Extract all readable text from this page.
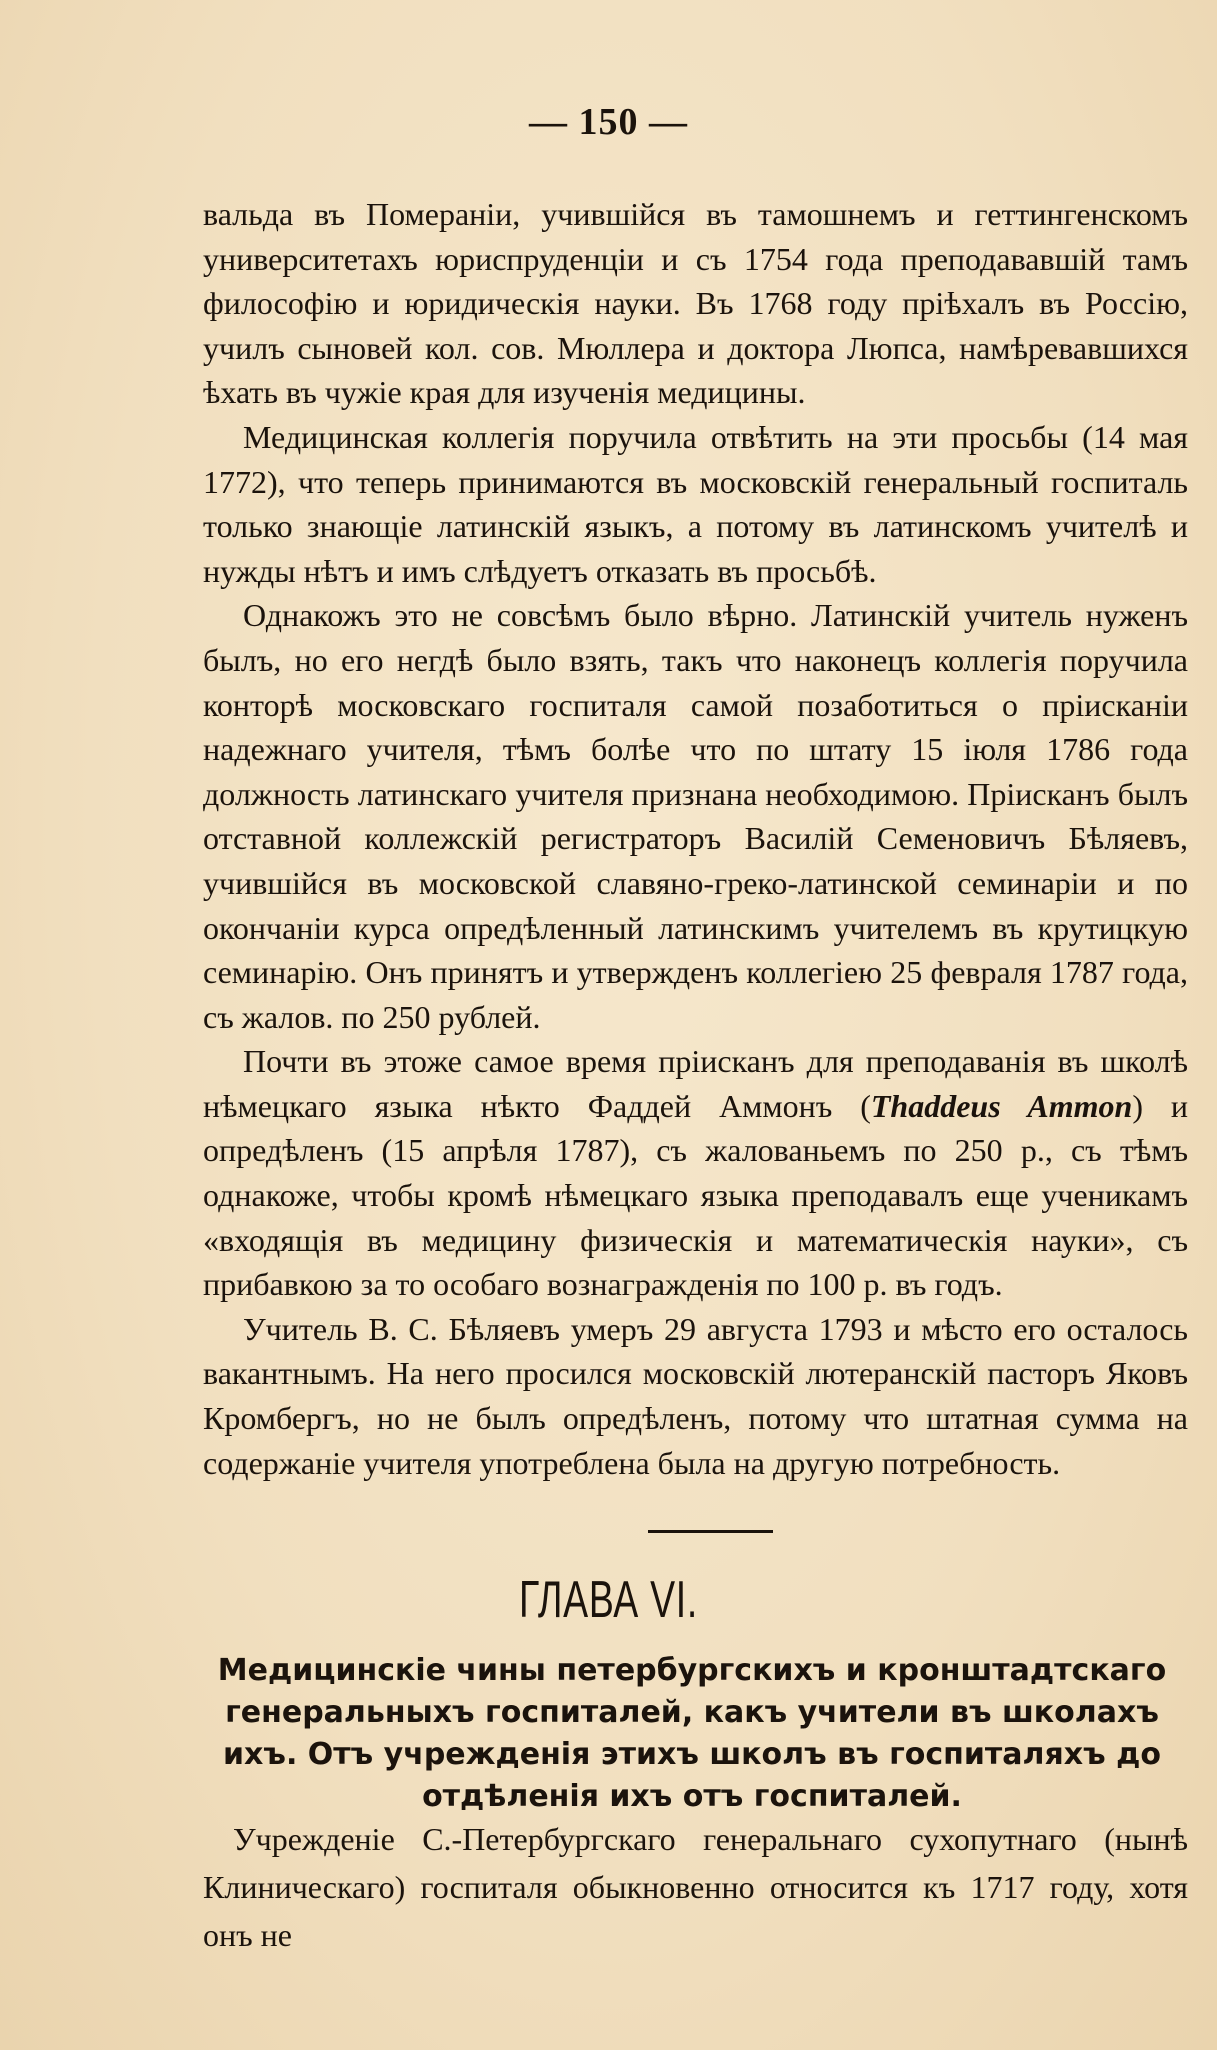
— 150 —

вальда въ Помераніи, учившійся въ тамошнемъ и геттингенскомъ университетахъ юриспруденціи и съ 1754 года преподававшій тамъ философію и юридическія науки. Въ 1768 году пріѣхалъ въ Россію, училъ сыновей кол. сов. Мюллера и доктора Люпса, намѣревавшихся ѣхать въ чужіе края для изученія медицины.

Медицинская коллегія поручила отвѣтить на эти просьбы (14 мая 1772), что теперь принимаются въ московскій генеральный госпиталь только знающіе латинскій языкъ, а потому въ латинскомъ учителѣ и нужды нѣтъ и имъ слѣдуетъ отказать въ просьбѣ.

Однакожъ это не совсѣмъ было вѣрно. Латинскій учитель нуженъ былъ, но его негдѣ было взять, такъ что наконецъ коллегія поручила конторѣ московскаго госпиталя самой позаботиться о пріисканіи надежнаго учителя, тѣмъ болѣе что по штату 15 іюля 1786 года должность латинскаго учителя признана необходимою. Пріисканъ былъ отставной коллежскій регистраторъ Василій Семеновичъ Бѣляевъ, учившійся въ московской славяно-греко-латинской семинаріи и по окончаніи курса опредѣленный латинскимъ учителемъ въ крутицкую семинарію. Онъ принятъ и утвержденъ коллегіею 25 февраля 1787 года, съ жалов. по 250 рублей.

Почти въ этоже самое время пріисканъ для преподаванія въ школѣ нѣмецкаго языка нѣкто Фаддей Аммонъ (Thaddeus Ammon) и опредѣленъ (15 апрѣля 1787), съ жалованьемъ по 250 р., съ тѣмъ однакоже, чтобы кромѣ нѣмецкаго языка преподавалъ еще ученикамъ «входящія въ медицину физическія и математическія науки», съ прибавкою за то особаго вознагражденія по 100 р. въ годъ.

Учитель В. С. Бѣляевъ умеръ 29 августа 1793 и мѣсто его осталось вакантнымъ. На него просился московскій лютеранскій пасторъ Яковъ Кромбергъ, но не былъ опредѣленъ, потому что штатная сумма на содержаніе учителя употреблена была на другую потребность.

ГЛАВА VI.
Медицинскіе чины петербургскихъ и кронштадтскаго генеральныхъ госпиталей, какъ учители въ школахъ ихъ. Отъ учрежденія этихъ школъ въ госпиталяхъ до отдѣленія ихъ отъ госпиталей.

Учрежденіе С.-Петербургскаго генеральнаго сухопутнаго (нынѣ Клиническаго) госпиталя обыкновенно относится къ 1717 году, хотя онъ не
